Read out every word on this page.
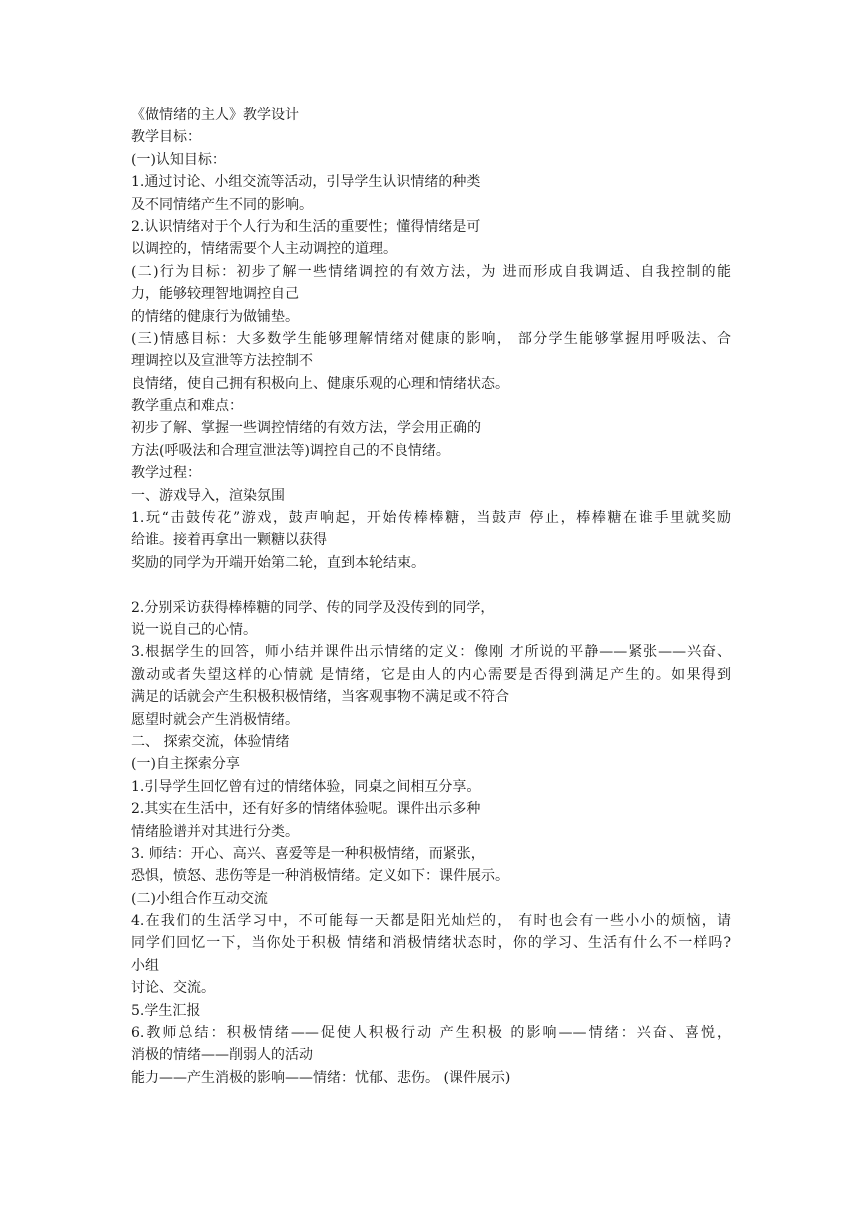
《做情绪的主人》教学设计
教学目标：
(一)认知目标：
1.通过讨论、小组交流等活动，引导学生认识情绪的种类
及不同情绪产生不同的影响。
2.认识情绪对于个人行为和生活的重要性；懂得情绪是可
以调控的，情绪需要个人主动调控的道理。
(二)行为目标：初步了解一些情绪调控的有效方法，为 进而形成自我调适、自我控制的能
力，能够较理智地调控自己
的情绪的健康行为做铺垫。
(三)情感目标：大多数学生能够理解情绪对健康的影响， 部分学生能够掌握用呼吸法、合
理调控以及宣泄等方法控制不
良情绪，使自己拥有积极向上、健康乐观的心理和情绪状态。
教学重点和难点：
初步了解、掌握一些调控情绪的有效方法，学会用正确的
方法(呼吸法和合理宣泄法等)调控自己的不良情绪。
教学过程：
一、游戏导入，渲染氛围
1.玩“击鼓传花”游戏，鼓声响起，开始传棒棒糖，当鼓声 停止，棒棒糖在谁手里就奖励
给谁。接着再拿出一颗糖以获得
奖励的同学为开端开始第二轮，直到本轮结束。
2.分别采访获得棒棒糖的同学、传的同学及没传到的同学，
说一说自己的心情。
3.根据学生的回答，师小结并课件出示情绪的定义：像刚 才所说的平静——紧张——兴奋、
激动或者失望这样的心情就 是情绪，它是由人的内心需要是否得到满足产生的。如果得到
满足的话就会产生积极积极情绪，当客观事物不满足或不符合
愿望时就会产生消极情绪。
二、 探索交流，体验情绪
(一)自主探索分享
1.引导学生回忆曾有过的情绪体验，同桌之间相互分享。
2.其实在生活中，还有好多的情绪体验呢。课件出示多种
情绪脸谱并对其进行分类。
3. 师结：开心、高兴、喜爱等是一种积极情绪，而紧张，
恐惧，愤怒、悲伤等是一种消极情绪。定义如下：课件展示。
(二)小组合作互动交流
4.在我们的生活学习中，不可能每一天都是阳光灿烂的， 有时也会有一些小小的烦恼，请
同学们回忆一下，当你处于积极 情绪和消极情绪状态时，你的学习、生活有什么不一样吗?
小组
讨论、交流。
5.学生汇报
6.教师总结：积极情绪——促使人积极行动 产生积极 的影响——情绪：兴奋、喜悦，
消极的情绪——削弱人的活动
能力——产生消极的影响——情绪：忧郁、悲伤。 (课件展示)
